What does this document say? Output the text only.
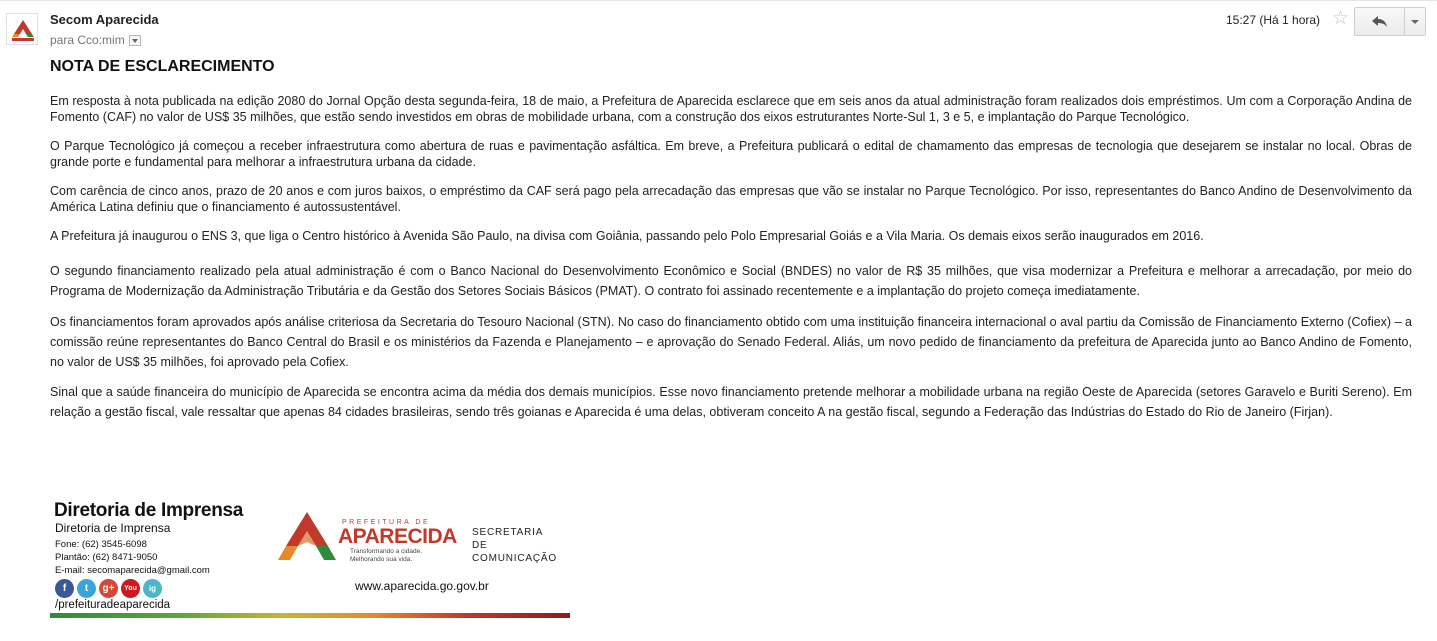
Secom Aparecida
para Cco:mim
15:27 (Há 1 hora) ☆
NOTA DE ESCLARECIMENTO

Em resposta à nota publicada na edição 2080 do Jornal Opção desta segunda-feira, 18 de maio, a Prefeitura de Aparecida esclarece que em seis anos da atual administração foram realizados dois empréstimos. Um com a Corporação Andina de Fomento (CAF) no valor de US$ 35 milhões, que estão sendo investidos em obras de mobilidade urbana, com a construção dos eixos estruturantes Norte-Sul 1, 3 e 5, e implantação do Parque Tecnológico.

O Parque Tecnológico já começou a receber infraestrutura como abertura de ruas e pavimentação asfáltica. Em breve, a Prefeitura publicará o edital de chamamento das empresas de tecnologia que desejarem se instalar no local. Obras de grande porte e fundamental para melhorar a infraestrutura urbana da cidade.

Com carência de cinco anos, prazo de 20 anos e com juros baixos, o empréstimo da CAF será pago pela arrecadação das empresas que vão se instalar no Parque Tecnológico. Por isso, representantes do Banco Andino de Desenvolvimento da América Latina definiu que o financiamento é autossustentável.

A Prefeitura já inaugurou o ENS 3, que liga o Centro histórico à Avenida São Paulo, na divisa com Goiânia, passando pelo Polo Empresarial Goiás e a Vila Maria. Os demais eixos serão inaugurados em 2016.

O segundo financiamento realizado pela atual administração é com o Banco Nacional do Desenvolvimento Econômico e Social (BNDES) no valor de R$ 35 milhões, que visa modernizar a Prefeitura e melhorar a arrecadação, por meio do Programa de Modernização da Administração Tributária e da Gestão dos Setores Sociais Básicos (PMAT). O contrato foi assinado recentemente e a implantação do projeto começa imediatamente.

Os financiamentos foram aprovados após análise criteriosa da Secretaria do Tesouro Nacional (STN). No caso do financiamento obtido com uma instituição financeira internacional o aval partiu da Comissão de Financiamento Externo (Cofiex) – a comissão reúne representantes do Banco Central do Brasil e os ministérios da Fazenda e Planejamento – e aprovação do Senado Federal. Aliás, um novo pedido de financiamento da prefeitura de Aparecida junto ao Banco Andino de Fomento, no valor de US$ 35 milhões, foi aprovado pela Cofiex.

Sinal que a saúde financeira do município de Aparecida se encontra acima da média dos demais municípios. Esse novo financiamento pretende melhorar a mobilidade urbana na região Oeste de Aparecida (setores Garavelo e Buriti Sereno). Em relação a gestão fiscal, vale ressaltar que apenas 84 cidades brasileiras, sendo três goianas e Aparecida é uma delas, obtiveram conceito A na gestão fiscal, segundo a Federação das Indústrias do Estado do Rio de Janeiro (Firjan).

Diretoria de Imprensa
Diretoria de Imprensa
Fone: (62) 3545-6098
Plantão: (62) 8471-9050
E-mail: secomaparecida@gmail.com
f	t	g+	You	ig
/prefeituradeaparecida
PREFEITURA DE
APARECIDA
Transformando a cidade.
Melhorando sua vida.
SECRETARIA
DE COMUNICAÇÃO
www.aparecida.go.gov.br
